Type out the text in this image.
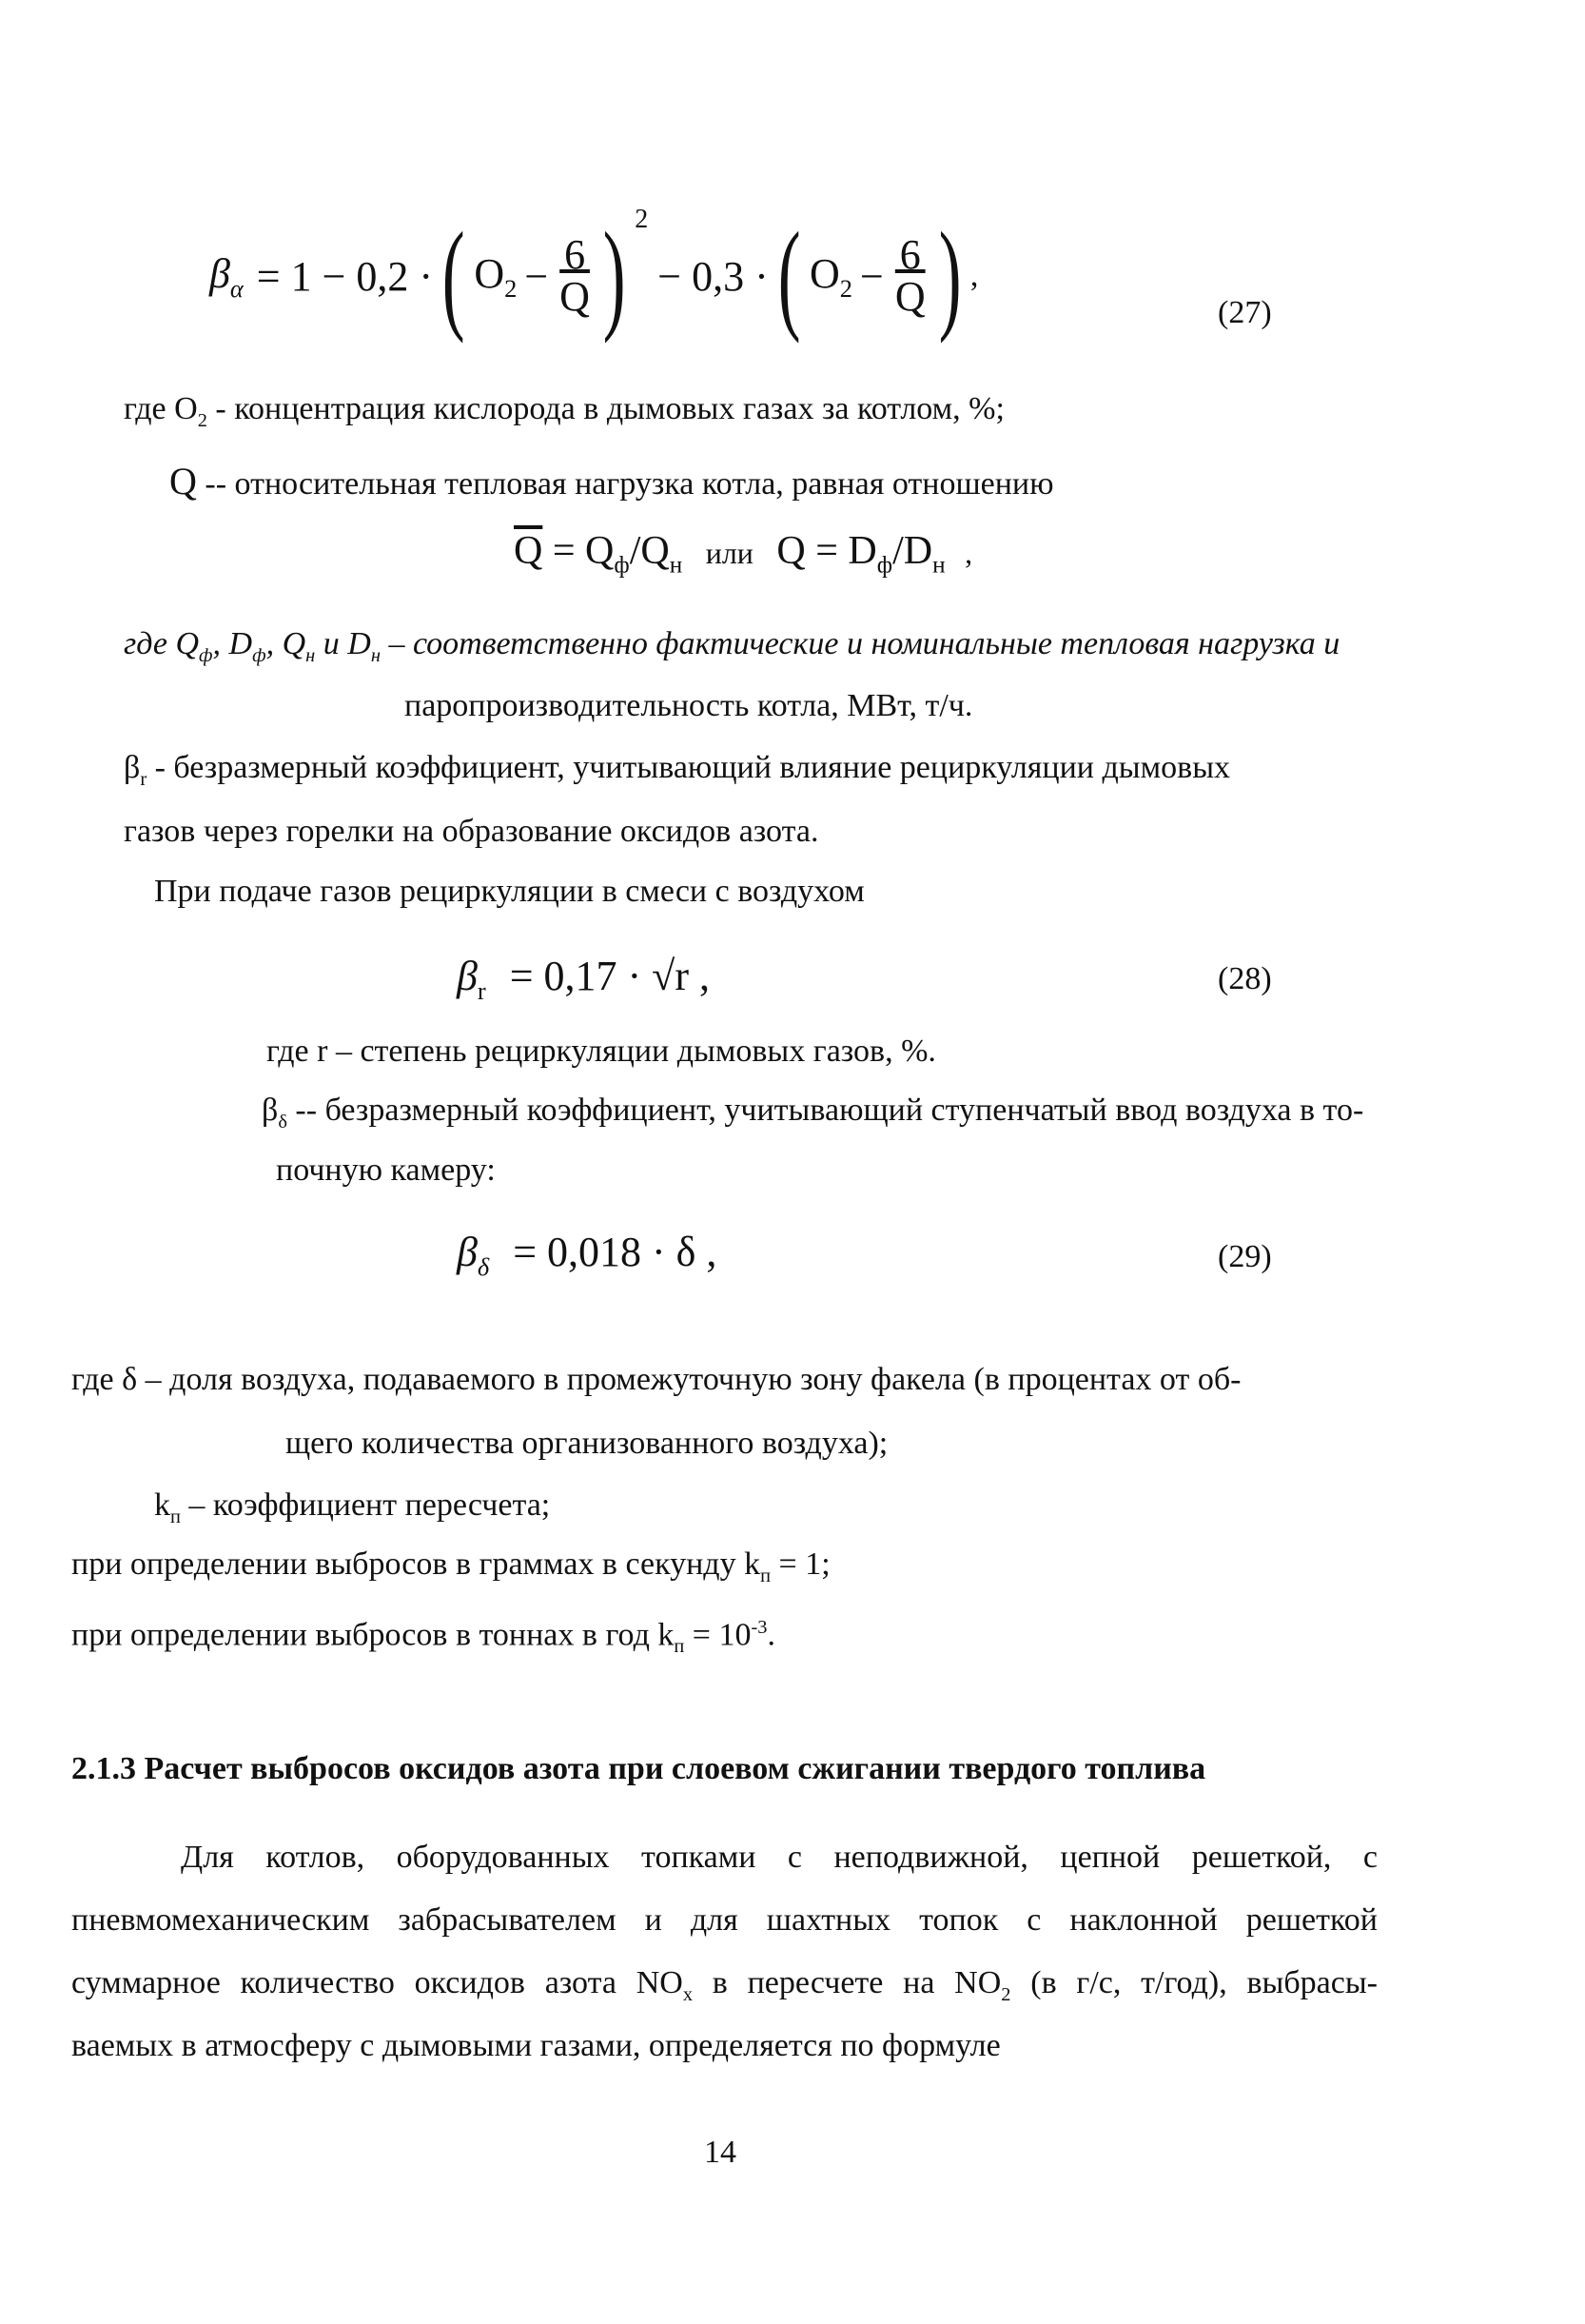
$\beta_\alpha = 1 - 0,2$ · ( $O_2 - \frac{6}{Q}$ ) $^2$
− 0,3 · ( $O_2 - \frac{6}{Q}$ ) ,
(27)
где $O_2$ - концентрация кислорода в дымовых газах за котлом, %;
Q -- относительная тепловая нагрузка котла, равная отношению
$\overline{Q} = Q_ф/Q_н$ или $Q = D_ф/D_н$ ,
где $Q_ф$, $D_ф$, $Q_н$ и $D_н$ – соответственно фактические и номинальные тепловая нагрузка и
паропроизводительность котла, МВт, т/ч.
$\beta_r$ - безразмерный коэффициент, учитывающий влияние рециркуляции дымовых
газов через горелки на образование оксидов азота.
При подаче газов рециркуляции в смеси с воздухом
$\beta_r = 0,17 \cdot √r$ ,	(28)
где r – степень рециркуляции дымовых газов, %.
$\beta_\delta$ -- безразмерный коэффициент, учитывающий ступенчатый ввод воздуха в то-
почную камеру:
$\beta_\delta = 0,018 \cdot \delta$ ,	(29)
где δ – доля воздуха, подаваемого в промежуточную зону факела (в процентах от об-
щего количества организованного воздуха);
$k_п$ – коэффициент пересчета;
при определении выбросов в граммах в секунду $k_п = 1$;
при определении выбросов в тоннах в год $k_п = 10^{-3}$.
2.1.3 Расчет выбросов оксидов азота при слоевом сжигании твердого топлива
Для котлов, оборудованных топками с неподвижной, цепной решеткой, с
пневмомеханическим забрасывателем и для шахтных топок с наклонной решеткой
суммарное количество оксидов азота $NO_x$ в пересчете на $NO_2$ (в г/с, т/год), выбрасы-
ваемых в атмосферу с дымовыми газами, определяется по формуле
14
